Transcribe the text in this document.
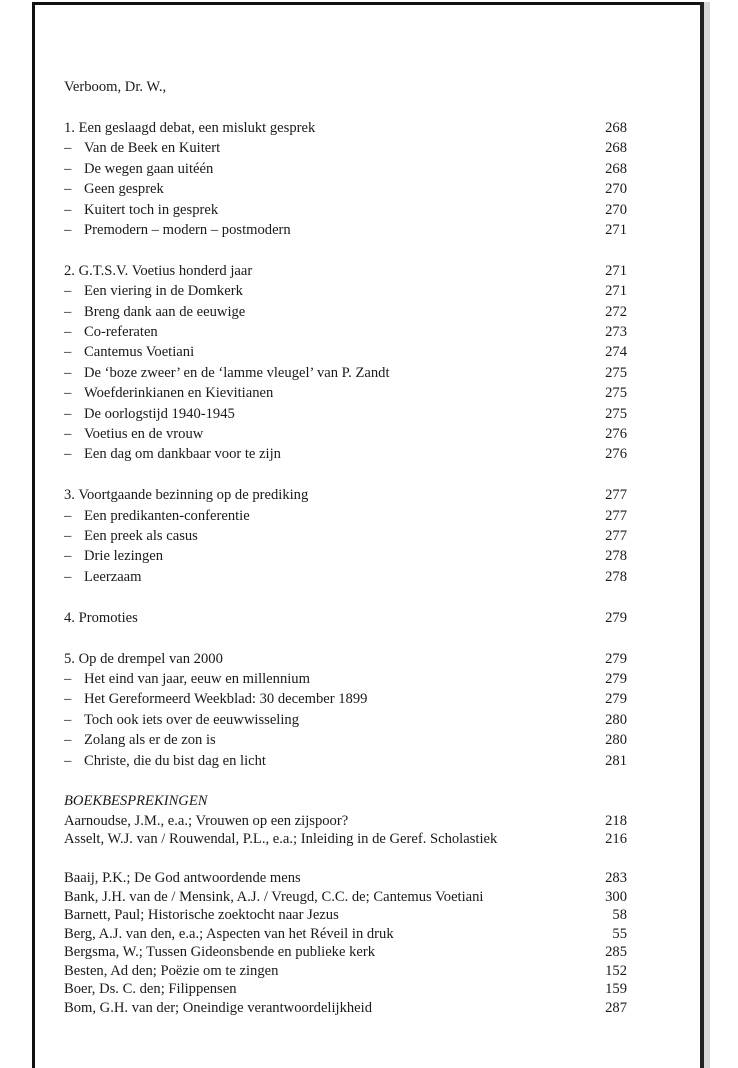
Verboom, Dr. W.,
1. Een geslaagd debat, een mislukt gesprek	268
– Van de Beek en Kuitert	268
– De wegen gaan uitéén	268
– Geen gesprek	270
– Kuitert toch in gesprek	270
– Premodern – modern – postmodern	271
2. G.T.S.V. Voetius honderd jaar	271
– Een viering in de Domkerk	271
– Breng dank aan de eeuwige	272
– Co-referaten	273
– Cantemus Voetiani	274
– De ‘boze zweer’ en de ‘lamme vleugel’ van P. Zandt	275
– Woefderinkianen en Kievitianen	275
– De oorlogstijd 1940-1945	275
– Voetius en de vrouw	276
– Een dag om dankbaar voor te zijn	276
3. Voortgaande bezinning op de prediking	277
– Een predikanten-conferentie	277
– Een preek als casus	277
– Drie lezingen	278
– Leerzaam	278
4. Promoties	279
5. Op de drempel van 2000	279
– Het eind van jaar, eeuw en millennium	279
– Het Gereformeerd Weekblad: 30 december 1899	279
– Toch ook iets over de eeuwwisseling	280
– Zolang als er de zon is	280
– Christe, die du bist dag en licht	281
BOEKBESPREKINGEN
Aarnoudse, J.M., e.a.; Vrouwen op een zijspoor?	218
Asselt, W.J. van / Rouwendal, P.L., e.a.; Inleiding in de Geref. Scholastiek	216
Baaij, P.K.; De God antwoordende mens	283
Bank, J.H. van de / Mensink, A.J. / Vreugd, C.C. de; Cantemus Voetiani	300
Barnett, Paul; Historische zoektocht naar Jezus	58
Berg, A.J. van den, e.a.; Aspecten van het Réveil in druk	55
Bergsma, W.; Tussen Gideonsbende en publieke kerk	285
Besten, Ad den; Poëzie om te zingen	152
Boer, Ds. C. den; Filippensen	159
Bom, G.H. van der; Oneindige verantwoordelijkheid	287
